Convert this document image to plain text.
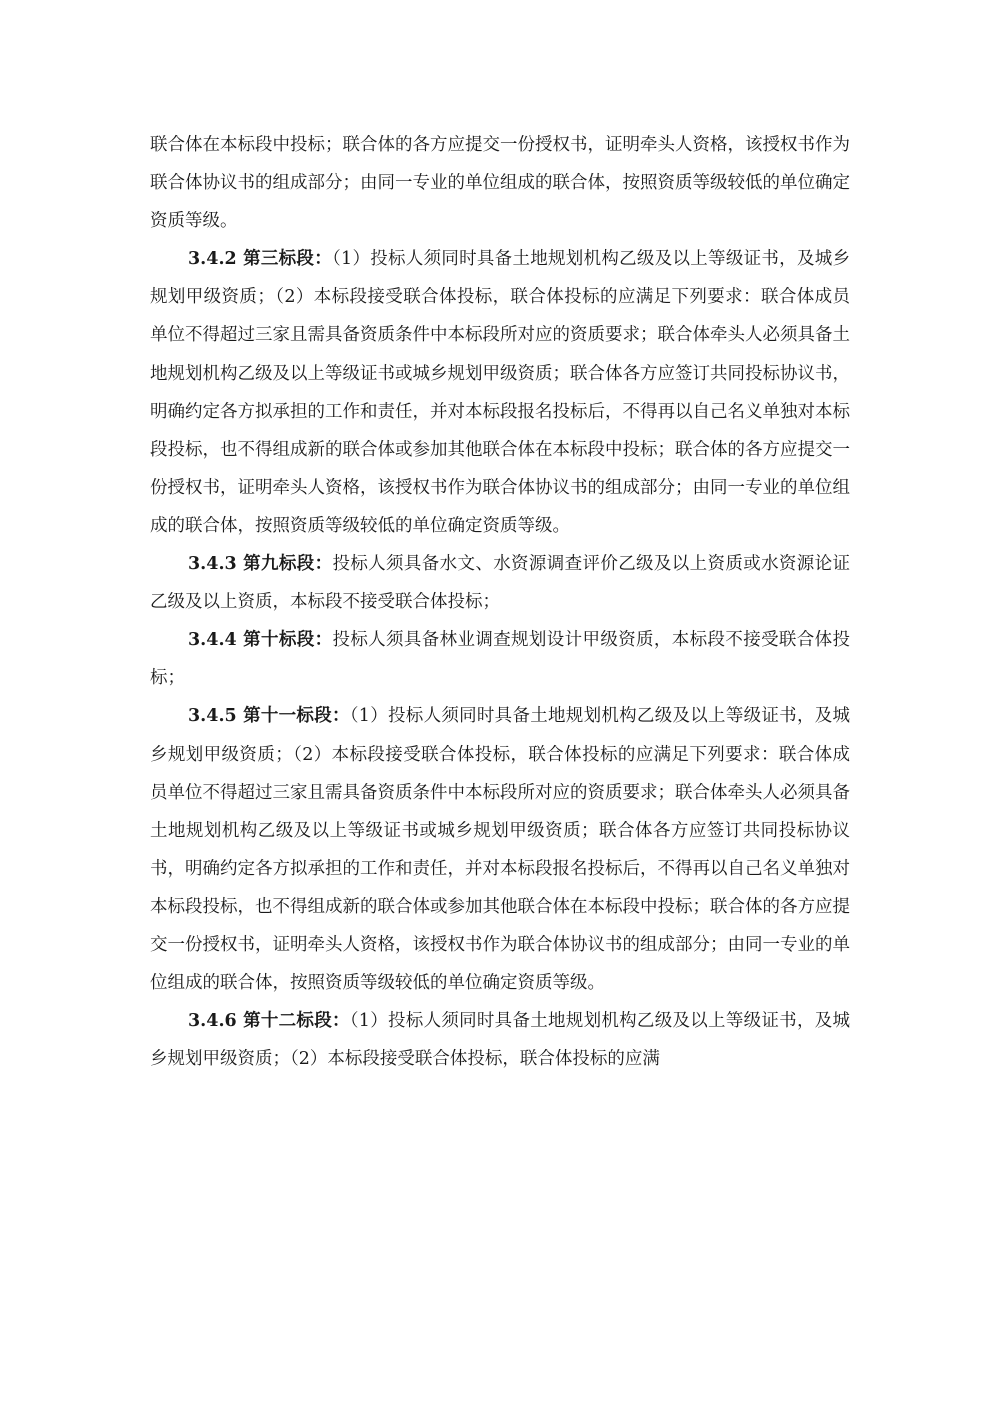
联合体在本标段中投标；联合体的各方应提交一份授权书，证明牵头人资格，该授权书作为联合体协议书的组成部分；由同一专业的单位组成的联合体，按照资质等级较低的单位确定资质等级。

3.4.2 第三标段：（1）投标人须同时具备土地规划机构乙级及以上等级证书，及城乡规划甲级资质；（2）本标段接受联合体投标，联合体投标的应满足下列要求：联合体成员单位不得超过三家且需具备资质条件中本标段所对应的资质要求；联合体牵头人必须具备土地规划机构乙级及以上等级证书或城乡规划甲级资质；联合体各方应签订共同投标协议书，明确约定各方拟承担的工作和责任，并对本标段报名投标后，不得再以自己名义单独对本标段投标，也不得组成新的联合体或参加其他联合体在本标段中投标；联合体的各方应提交一份授权书，证明牵头人资格，该授权书作为联合体协议书的组成部分；由同一专业的单位组成的联合体，按照资质等级较低的单位确定资质等级。

3.4.3 第九标段：投标人须具备水文、水资源调查评价乙级及以上资质或水资源论证乙级及以上资质，本标段不接受联合体投标；

3.4.4 第十标段：投标人须具备林业调查规划设计甲级资质，本标段不接受联合体投标；

3.4.5 第十一标段：（1）投标人须同时具备土地规划机构乙级及以上等级证书，及城乡规划甲级资质；（2）本标段接受联合体投标，联合体投标的应满足下列要求：联合体成员单位不得超过三家且需具备资质条件中本标段所对应的资质要求；联合体牵头人必须具备土地规划机构乙级及以上等级证书或城乡规划甲级资质；联合体各方应签订共同投标协议书，明确约定各方拟承担的工作和责任，并对本标段报名投标后，不得再以自己名义单独对本标段投标，也不得组成新的联合体或参加其他联合体在本标段中投标；联合体的各方应提交一份授权书，证明牵头人资格，该授权书作为联合体协议书的组成部分；由同一专业的单位组成的联合体，按照资质等级较低的单位确定资质等级。

3.4.6 第十二标段：（1）投标人须同时具备土地规划机构乙级及以上等级证书，及城乡规划甲级资质；（2）本标段接受联合体投标，联合体投标的应满
